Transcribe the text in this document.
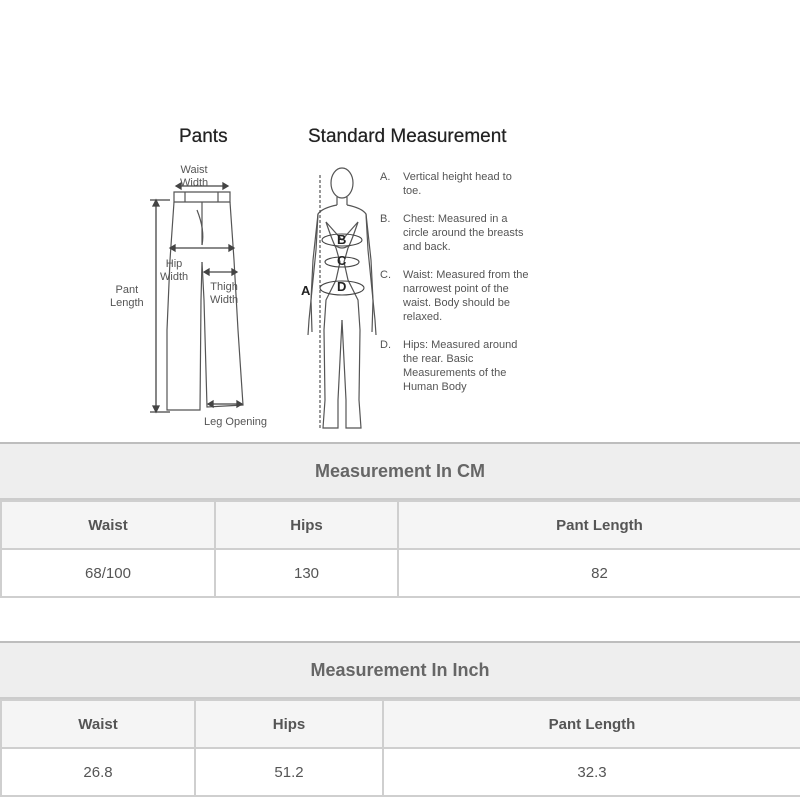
Pants	Standard Measurement
Waist
Width
Hip
Width
Thigh
Width
Pant
Length
Leg Opening
A
B
C
D
A.	Vertical height head to toe.
B.	Chest: Measured in a circle around the breasts and back.
C.	Waist: Measured from the narrowest point of the waist. Body should be relaxed.
D.	Hips: Measured around the rear. Basic Measurements of the Human Body
Measurement In CM
Waist	Hips	Pant Length
68/100	130	82
Measurement In Inch
Waist	Hips	Pant Length
26.8	51.2	32.3
